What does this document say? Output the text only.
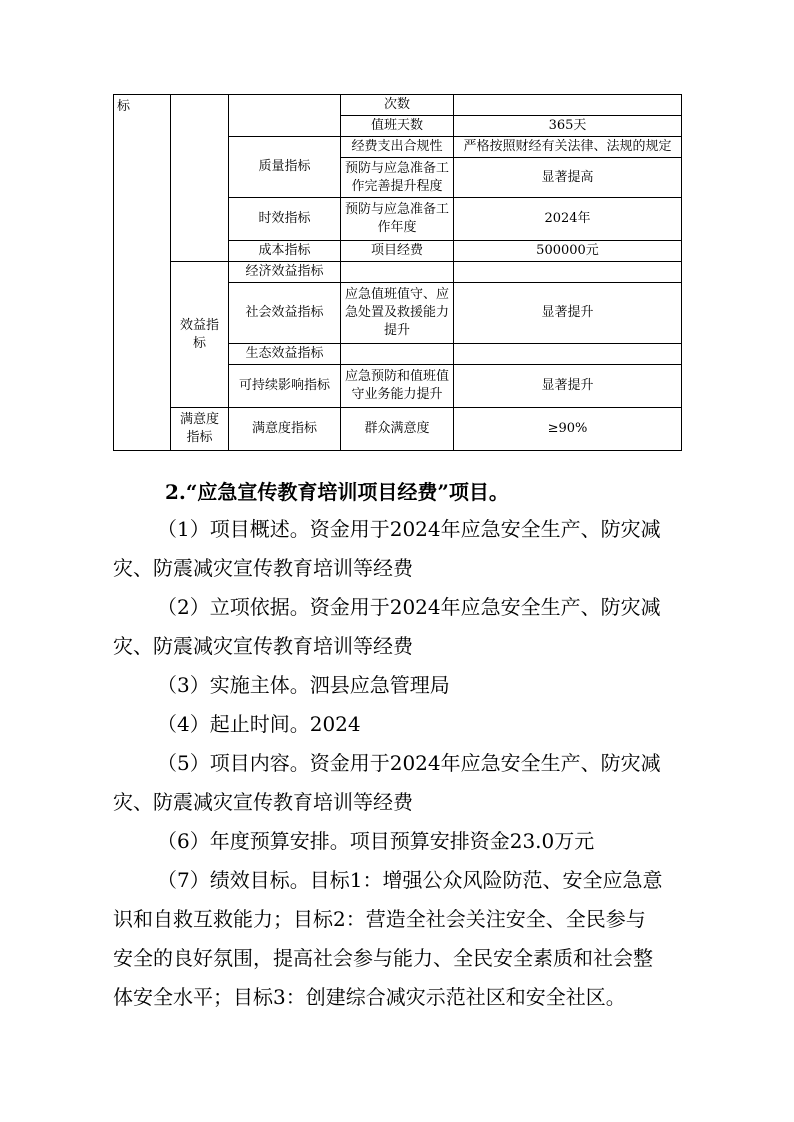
标			次数	
			值班天数	365天
		质量指标	经费支出合规性	严格按照财经有关法律、法规的规定
			预防与应急准备工作完善提升程度	显著提高
		时效指标	预防与应急准备工作年度	2024年
		成本指标	项目经费	500000元
	效益指标	经济效益指标		
		社会效益指标	应急值班值守、应急处置及救援能力提升	显著提升
		生态效益指标		
		可持续影响指标	应急预防和值班值守业务能力提升	显著提升
	满意度指标	满意度指标	群众满意度	≥90%
2.“应急宣传教育培训项目经费”项目。
（1）项目概述。资金用于2024年应急安全生产、防灾减
灾、防震减灾宣传教育培训等经费
（2）立项依据。资金用于2024年应急安全生产、防灾减
灾、防震减灾宣传教育培训等经费
（3）实施主体。泗县应急管理局
（4）起止时间。2024
（5）项目内容。资金用于2024年应急安全生产、防灾减
灾、防震减灾宣传教育培训等经费
（6）年度预算安排。项目预算安排资金23.0万元
（7）绩效目标。目标1：增强公众风险防范、安全应急意
识和自救互救能力；目标2：营造全社会关注安全、全民参与
安全的良好氛围，提高社会参与能力、全民安全素质和社会整
体安全水平；目标3：创建综合减灾示范社区和安全社区。
